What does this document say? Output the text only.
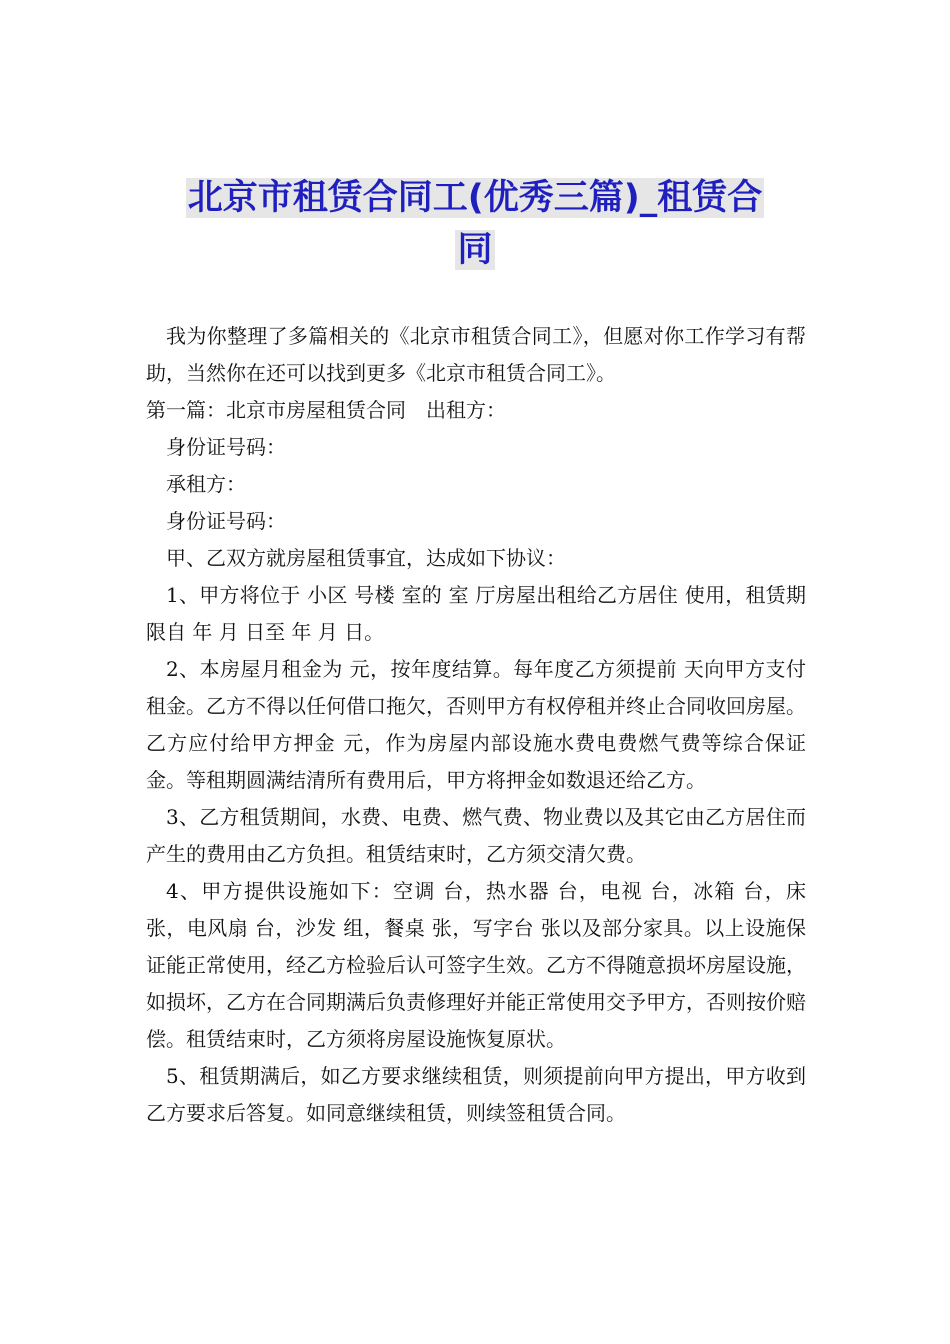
北京市租赁合同工(优秀三篇)_租赁合
同

我为你整理了多篇相关的《北京市租赁合同工》，但愿对你工作学习有帮助，当然你在还可以找到更多《北京市租赁合同工》。

第一篇：北京市房屋租赁合同　出租方：

身份证号码：

承租方：

身份证号码：

甲、乙双方就房屋租赁事宜，达成如下协议：

1、甲方将位于 小区 号楼 室的 室 厅房屋出租给乙方居住 使用，租赁期限自 年 月 日至 年 月 日。

2、本房屋月租金为 元，按年度结算。每年度乙方须提前 天向甲方支付租金。乙方不得以任何借口拖欠，否则甲方有权停租并终止合同收回房屋。乙方应付给甲方押金 元，作为房屋内部设施水费电费燃气费等综合保证金。等租期圆满结清所有费用后，甲方将押金如数退还给乙方。

3、乙方租赁期间，水费、电费、燃气费、物业费以及其它由乙方居住而产生的费用由乙方负担。租赁结束时，乙方须交清欠费。

4、甲方提供设施如下：空调 台，热水器 台，电视 台，冰箱 台，床 张，电风扇 台，沙发 组，餐桌 张，写字台 张以及部分家具。以上设施保证能正常使用，经乙方检验后认可签字生效。乙方不得随意损坏房屋设施，如损坏，乙方在合同期满后负责修理好并能正常使用交予甲方，否则按价赔偿。租赁结束时，乙方须将房屋设施恢复原状。

5、租赁期满后，如乙方要求继续租赁，则须提前向甲方提出，甲方收到乙方要求后答复。如同意继续租赁，则续签租赁合同。
